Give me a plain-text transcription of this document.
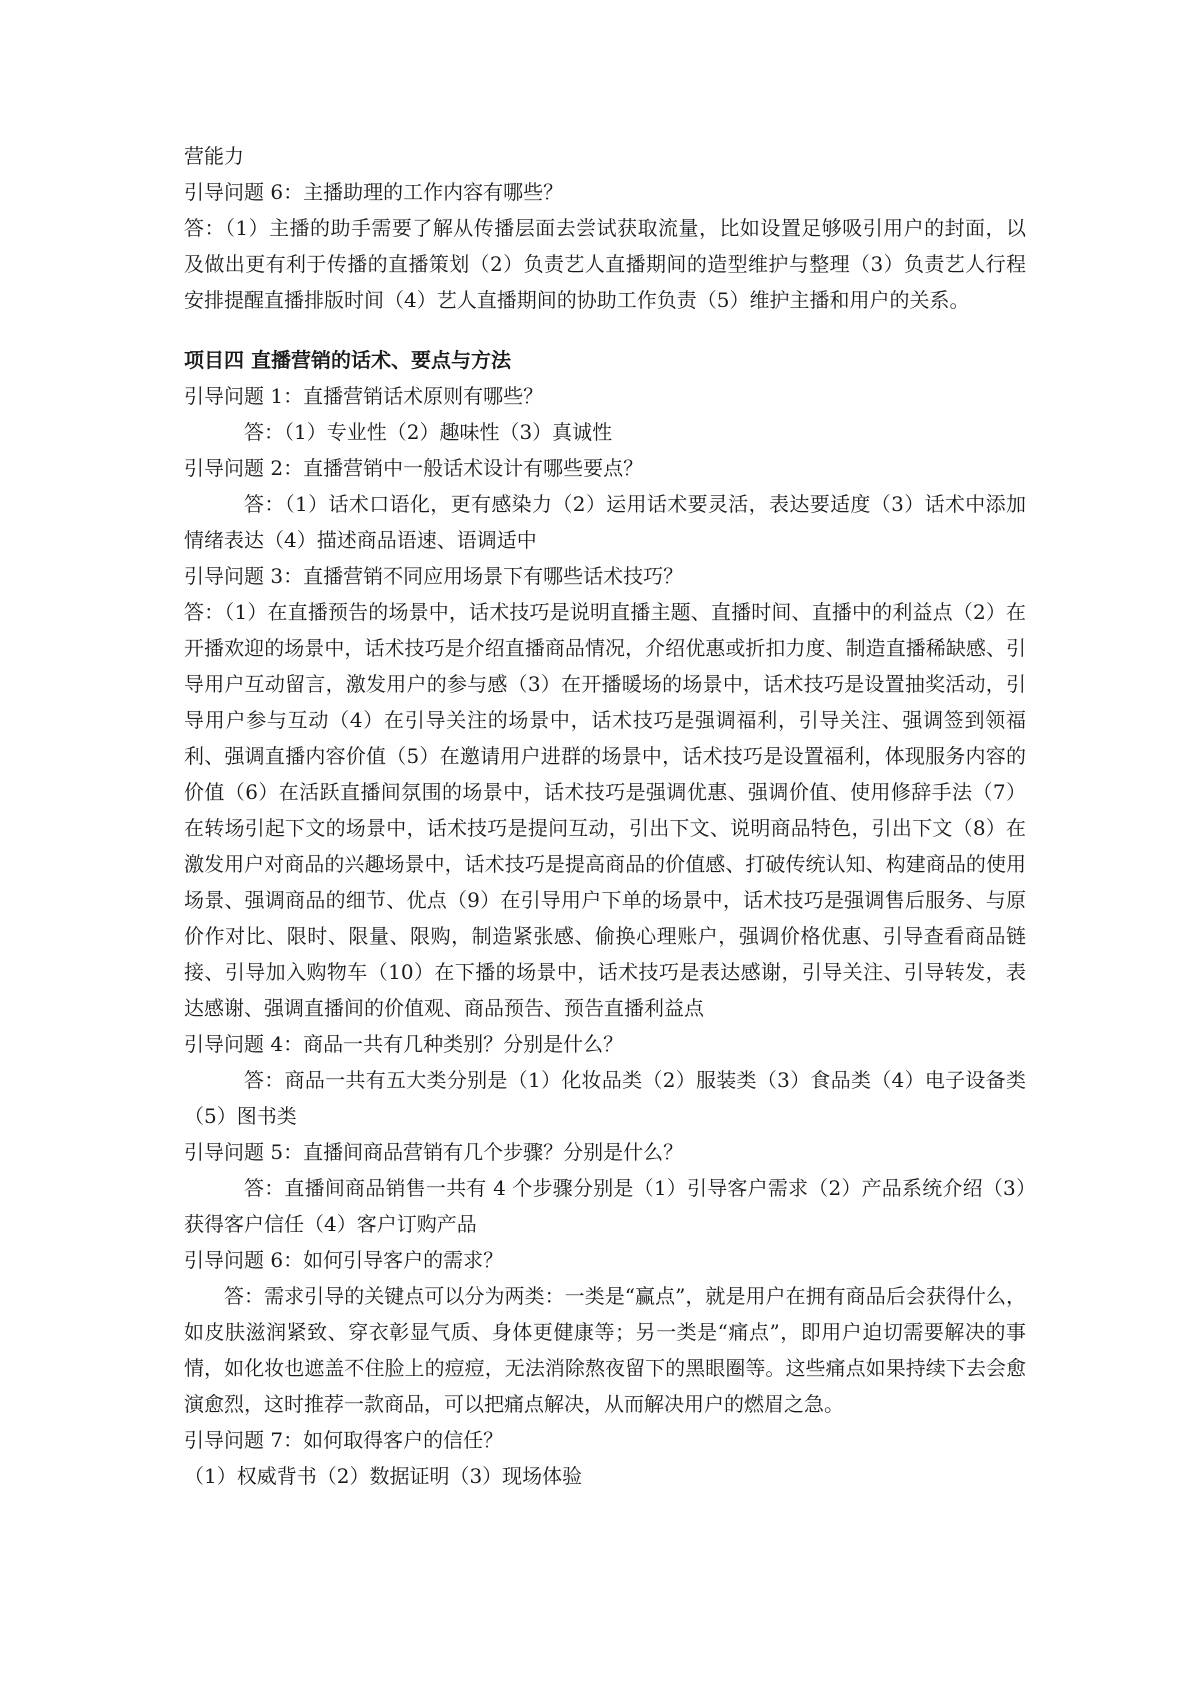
营能力

引导问题 6：主播助理的工作内容有哪些？

答：（1）主播的助手需要了解从传播层面去尝试获取流量，比如设置足够吸引用户的封面，以及做出更有利于传播的直播策划（2）负责艺人直播期间的造型维护与整理（3）负责艺人行程安排提醒直播排版时间（4）艺人直播期间的协助工作负责（5）维护主播和用户的关系。

项目四 直播营销的话术、要点与方法

引导问题 1：直播营销话术原则有哪些？

答：（1）专业性（2）趣味性（3）真诚性

引导问题 2：直播营销中一般话术设计有哪些要点？

答：（1）话术口语化，更有感染力（2）运用话术要灵活，表达要适度（3）话术中添加情绪表达（4）描述商品语速、语调适中

引导问题 3：直播营销不同应用场景下有哪些话术技巧？

答：（1）在直播预告的场景中，话术技巧是说明直播主题、直播时间、直播中的利益点（2）在开播欢迎的场景中，话术技巧是介绍直播商品情况，介绍优惠或折扣力度、制造直播稀缺感、引导用户互动留言，激发用户的参与感（3）在开播暖场的场景中，话术技巧是设置抽奖活动，引导用户参与互动（4）在引导关注的场景中，话术技巧是强调福利，引导关注、强调签到领福利、强调直播内容价值（5）在邀请用户进群的场景中，话术技巧是设置福利，体现服务内容的价值（6）在活跃直播间氛围的场景中，话术技巧是强调优惠、强调价值、使用修辞手法（7）在转场引起下文的场景中，话术技巧是提问互动，引出下文、说明商品特色，引出下文（8）在激发用户对商品的兴趣场景中，话术技巧是提高商品的价值感、打破传统认知、构建商品的使用场景、强调商品的细节、优点（9）在引导用户下单的场景中，话术技巧是强调售后服务、与原价作对比、限时、限量、限购，制造紧张感、偷换心理账户，强调价格优惠、引导查看商品链接、引导加入购物车（10）在下播的场景中，话术技巧是表达感谢，引导关注、引导转发，表达感谢、强调直播间的价值观、商品预告、预告直播利益点

引导问题 4：商品一共有几种类别？分别是什么？

答：商品一共有五大类分别是（1）化妆品类（2）服装类（3）食品类（4）电子设备类（5）图书类

引导问题 5：直播间商品营销有几个步骤？分别是什么？

答：直播间商品销售一共有 4 个步骤分别是（1）引导客户需求（2）产品系统介绍（3）获得客户信任（4）客户订购产品

引导问题 6：如何引导客户的需求？

答：需求引导的关键点可以分为两类：一类是“赢点”，就是用户在拥有商品后会获得什么，如皮肤滋润紧致、穿衣彰显气质、身体更健康等；另一类是“痛点”，即用户迫切需要解决的事情，如化妆也遮盖不住脸上的痘痘，无法消除熬夜留下的黑眼圈等。这些痛点如果持续下去会愈演愈烈，这时推荐一款商品，可以把痛点解决，从而解决用户的燃眉之急。

引导问题 7：如何取得客户的信任？

（1）权威背书（2）数据证明（3）现场体验
